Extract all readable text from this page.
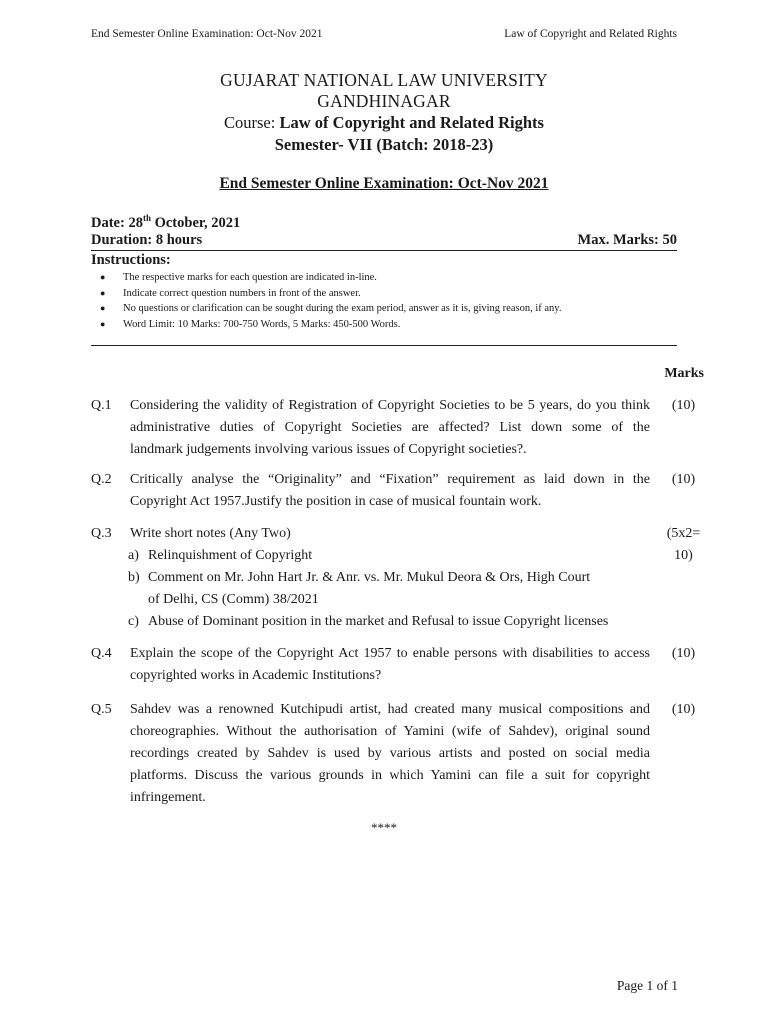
End Semester Online Examination: Oct-Nov 2021	Law of Copyright and Related Rights
GUJARAT NATIONAL LAW UNIVERSITY
GANDHINAGAR
Course: Law of Copyright and Related Rights
Semester- VII (Batch: 2018-23)
End Semester Online Examination: Oct-Nov 2021
Date: 28th October, 2021
Duration: 8 hours	Max. Marks: 50
Instructions:
● The respective marks for each question are indicated in-line.
● Indicate correct question numbers in front of the answer.
● No questions or clarification can be sought during the exam period, answer as it is, giving reason, if any.
● Word Limit: 10 Marks: 700-750 Words, 5 Marks: 450-500 Words.
Marks
Q.1 Considering the validity of Registration of Copyright Societies to be 5 years, do you think
administrative duties of Copyright Societies are affected? List down some of the
landmark judgements involving various issues of Copyright societies?.
(10)
Q.2 Critically analyse the “Originality” and “Fixation” requirement as laid down in the
Copyright Act 1957.Justify the position in case of musical fountain work.
(10)
Q.3 Write short notes (Any Two)
a) Relinquishment of Copyright
b) Comment on Mr. John Hart Jr. & Anr. vs. Mr. Mukul Deora & Ors, High Court
of Delhi, CS (Comm) 38/2021
c) Abuse of Dominant position in the market and Refusal to issue Copyright licenses
(5x2=
10)
Q.4 Explain the scope of the Copyright Act 1957 to enable persons with disabilities to access
copyrighted works in Academic Institutions?
(10)
Q.5 Sahdev was a renowned Kutchipudi artist, had created many musical compositions and
choreographies. Without the authorisation of Yamini (wife of Sahdev), original sound
recordings created by Sahdev is used by various artists and posted on social media
platforms. Discuss the various grounds in which Yamini can file a suit for copyright
infringement.
(10)
****
Page 1 of 1
